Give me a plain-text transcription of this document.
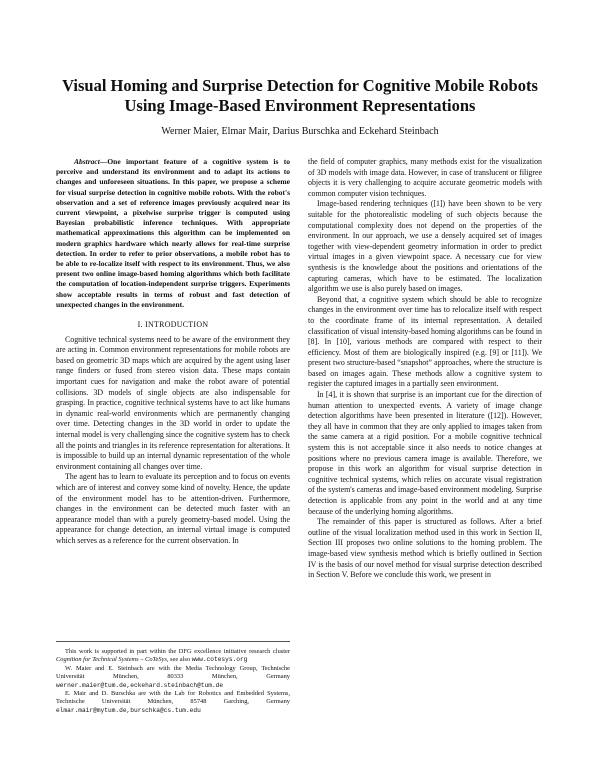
Visual Homing and Surprise Detection for Cognitive Mobile Robots Using Image-Based Environment Representations

Werner Maier, Elmar Mair, Darius Burschka and Eckehard Steinbach

Abstract—One important feature of a cognitive system is to perceive and understand its environment and to adapt its actions to changes and unforeseen situations. In this paper, we propose a scheme for visual surprise detection in cognitive mobile robots. With the robot's observation and a set of reference images previously acquired near its current viewpoint, a pixelwise surprise trigger is computed using Bayesian probabilistic inference techniques. With appropriate mathematical approximations this algorithm can be implemented on modern graphics hardware which nearly allows for real-time surprise detection. In order to refer to prior observations, a mobile robot has to be able to re-localize itself with respect to its environment. Thus, we also present two online image-based homing algorithms which both facilitate the computation of location-independent surprise triggers. Experiments show acceptable results in terms of robust and fast detection of unexpected changes in the environment.

I. INTRODUCTION

Cognitive technical systems need to be aware of the environment they are acting in. Common environment representations for mobile robots are based on geometric 3D maps which are acquired by the agent using laser range finders or fused from stereo vision data. These maps contain important cues for navigation and make the robot aware of potential collisions. 3D models of single objects are also indispensable for grasping. In practice, cognitive technical systems have to act like humans in dynamic real-world environments which are permanently changing over time. Detecting changes in the 3D world in order to update the internal model is very challenging since the cognitive system has to check all the points and triangles in its reference representation for alterations. It is impossible to build up an internal dynamic representation of the whole environment containing all changes over time.

The agent has to learn to evaluate its perception and to focus on events which are of interest and convey some kind of novelty. Hence, the update of the environment model has to be attention-driven. Furthermore, changes in the environment can be detected much faster with an appearance model than with a purely geometry-based model. Using the appearance for change detection, an internal virtual image is computed which serves as a reference for the current observation. In

This work is supported in part within the DFG excellence initiative research cluster Cognition for Technical Systems – CoTeSys, see also www.cotesys.org

W. Maier and E. Steinbach are with the Media Technology Group, Technische Universität München, 80333 München, Germany werner.maier@tum.de,eckehard.steinbach@tum.de

E. Mair and D. Burschka are with the Lab for Robotics and Embedded Systems, Technische Universität München, 85748 Garching, Germany elmar.mair@mytum.de,burschka@cs.tum.edu

the field of computer graphics, many methods exist for the visualization of 3D models with image data. However, in case of translucent or filigree objects it is very challenging to acquire accurate geometric models with common computer vision techniques.

Image-based rendering techniques ([1]) have been shown to be very suitable for the photorealistic modeling of such objects because the computational complexity does not depend on the properties of the environment. In our approach, we use a densely acquired set of images together with view-dependent geometry information in order to predict virtual images in a given viewpoint space. A necessary cue for view synthesis is the knowledge about the positions and orientations of the capturing cameras, which have to be estimated. The localization algorithm we use is also purely based on images.

Beyond that, a cognitive system which should be able to recognize changes in the environment over time has to relocalize itself with respect to the coordinate frame of its internal representation. A detailed classification of visual intensity-based homing algorithms can be found in [8]. In [10], various methods are compared with respect to their efficiency. Most of them are biologically inspired (e.g. [9] or [11]). We present two structure-based “snapshot” approaches, where the structure is based on images again. These methods allow a cognitive system to register the captured images in a partially seen environment.

In [4], it is shown that surprise is an important cue for the direction of human attention to unexpected events. A variety of image change detection algorithms have been presented in literature ([12]). However, they all have in common that they are only applied to images taken from the same camera at a rigid position. For a mobile cognitive technical system this is not acceptable since it also needs to notice changes at positions where no previous camera image is available. Therefore, we propose in this work an algorithm for visual surprise detection in cognitive technical systems, which relies on accurate visual registration of the system's cameras and image-based environment modeling. Surprise detection is applicable from any point in the world and at any time because of the underlying homing algorithms.

The remainder of this paper is structured as follows. After a brief outline of the visual localization method used in this work in Section II, Section III proposes two online solutions to the homing problem. The image-based view synthesis method which is briefly outlined in Section IV is the basis of our novel method for visual surprise detection described in Section V. Before we conclude this work, we present in
